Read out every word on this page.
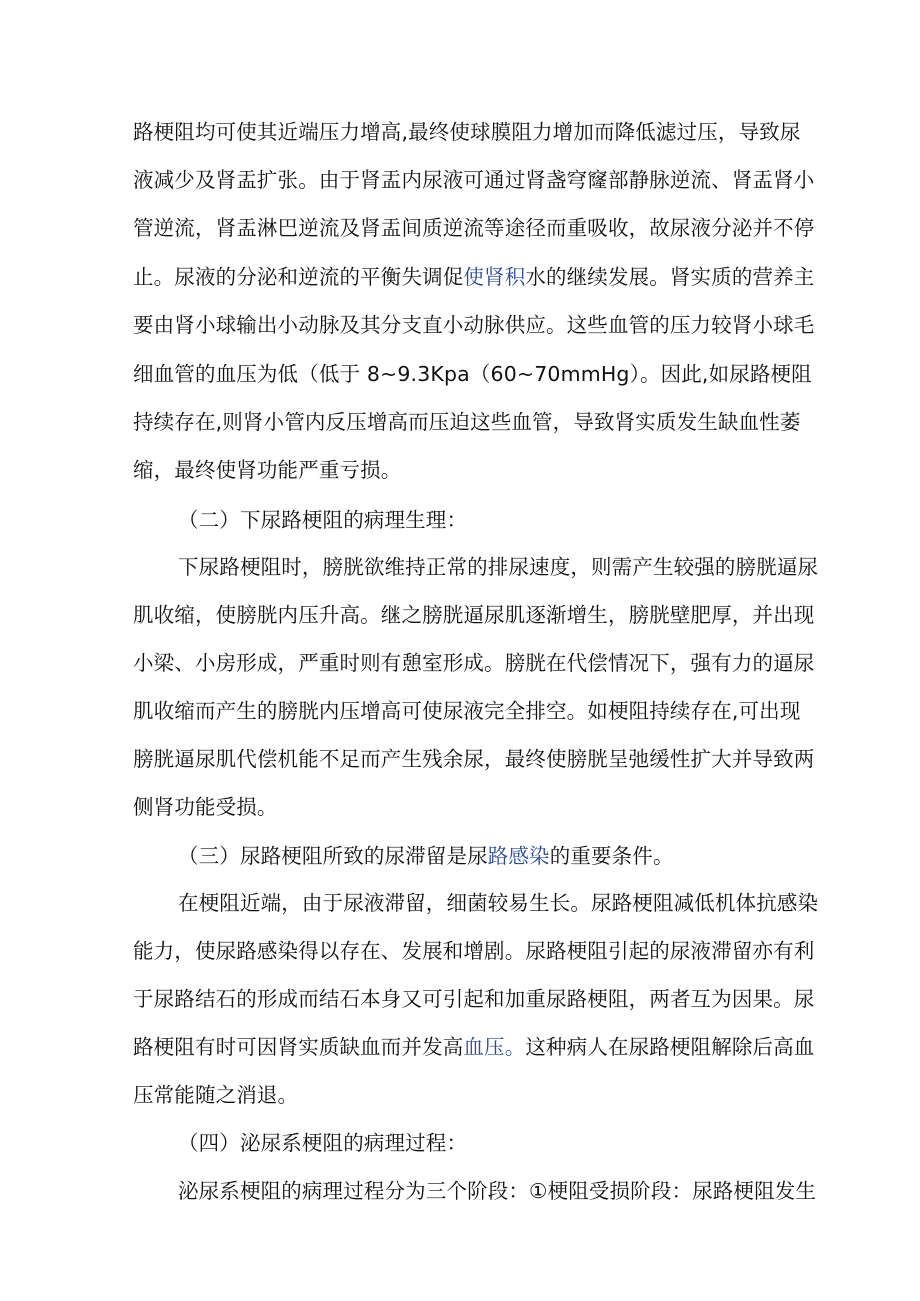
路梗阻均可使其近端压力增高,最终使球膜阻力增加而降低滤过压，导致尿
液减少及肾盂扩张。由于肾盂内尿液可通过肾盏穹窿部静脉逆流、肾盂肾小
管逆流，肾盂淋巴逆流及肾盂间质逆流等途径而重吸收，故尿液分泌并不停
止。尿液的分泌和逆流的平衡失调促使肾积水的继续发展。肾实质的营养主
要由肾小球输出小动脉及其分支直小动脉供应。这些血管的压力较肾小球毛
细血管的血压为低（低于 8~9.3Kpa（60~70mmHg）。因此,如尿路梗阻
持续存在,则肾小管内反压增高而压迫这些血管，导致肾实质发生缺血性萎
缩，最终使肾功能严重亏损。
（二）下尿路梗阻的病理生理：
下尿路梗阻时，膀胱欲维持正常的排尿速度，则需产生较强的膀胱逼尿
肌收缩，使膀胱内压升高。继之膀胱逼尿肌逐渐增生，膀胱壁肥厚，并出现
小梁、小房形成，严重时则有憩室形成。膀胱在代偿情况下，强有力的逼尿
肌收缩而产生的膀胱内压增高可使尿液完全排空。如梗阻持续存在,可出现
膀胱逼尿肌代偿机能不足而产生残余尿，最终使膀胱呈弛缓性扩大并导致两
侧肾功能受损。
（三）尿路梗阻所致的尿滞留是尿路感染的重要条件。
在梗阻近端，由于尿液滞留，细菌较易生长。尿路梗阻减低机体抗感染
能力，使尿路感染得以存在、发展和增剧。尿路梗阻引起的尿液滞留亦有利
于尿路结石的形成而结石本身又可引起和加重尿路梗阻，两者互为因果。尿
路梗阻有时可因肾实质缺血而并发高血压。这种病人在尿路梗阻解除后高血
压常能随之消退。
（四）泌尿系梗阻的病理过程：
泌尿系梗阻的病理过程分为三个阶段：①梗阻受损阶段：尿路梗阻发生
